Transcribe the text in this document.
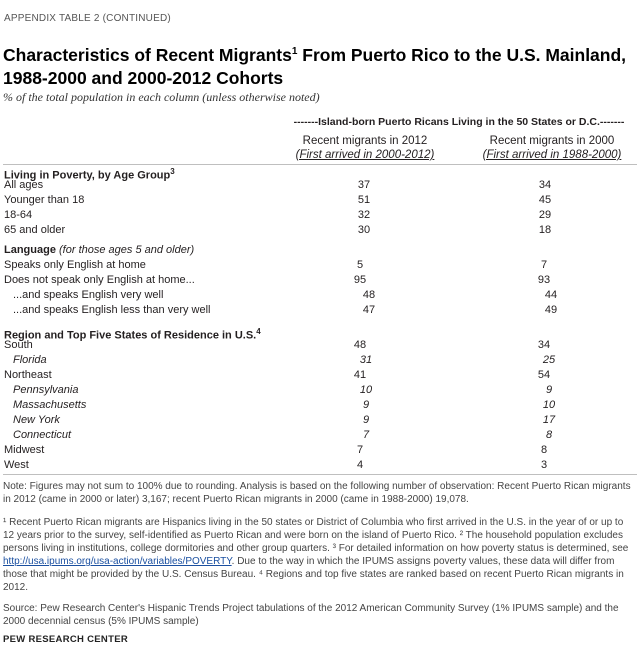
APPENDIX TABLE 2 (CONTINUED)
Characteristics of Recent Migrants$^1$ From Puerto Rico to the U.S. Mainland,
1988-2000 and 2000-2012 Cohorts
% of the total population in each column (unless otherwise noted)
-------Island-born Puerto Ricans Living in the 50 States or D.C.-------
Recent migrants in 2012
(First arrived in 2000-2012)
Recent migrants in 2000
(First arrived in 1988-2000)
Living in Poverty, by Age Group$^3$
All ages	37	34
Younger than 18	51	45
18-64	32	29
65 and older	30	18
Language (for those ages 5 and older)
Speaks only English at home	5	7
Does not speak only English at home...	95	93
...and speaks English very well	48	44
...and speaks English less than very well	47	49
Region and Top Five States of Residence in U.S.$^4$
South	48	34
Florida	31	25
Northeast	41	54
Pennsylvania	10	9
Massachusetts	9	10
New York	9	17
Connecticut	7	8
Midwest	7	8
West	4	3
Note: Figures may not sum to 100% due to rounding. Analysis is based on the following number of observation: Recent Puerto Rican migrants in 2012 (came in 2000 or later) 3,167; recent Puerto Rican migrants in 2000 (came in 1988-2000) 19,078.
¹ Recent Puerto Rican migrants are Hispanics living in the 50 states or District of Columbia who first arrived in the U.S. in the year of or up to 12 years prior to the survey, self-identified as Puerto Rican and were born on the island of Puerto Rico. ² The household population excludes persons living in institutions, college dormitories and other group quarters. ³ For detailed information on how poverty status is determined, see http://usa.ipums.org/usa-action/variables/POVERTY. Due to the way in which the IPUMS assigns poverty values, these data will differ from those that might be provided by the U.S. Census Bureau. ⁴ Regions and top five states are ranked based on recent Puerto Rican migrants in 2012.
Source: Pew Research Center's Hispanic Trends Project tabulations of the 2012 American Community Survey (1% IPUMS sample) and the 2000 decennial census (5% IPUMS sample)
PEW RESEARCH CENTER
